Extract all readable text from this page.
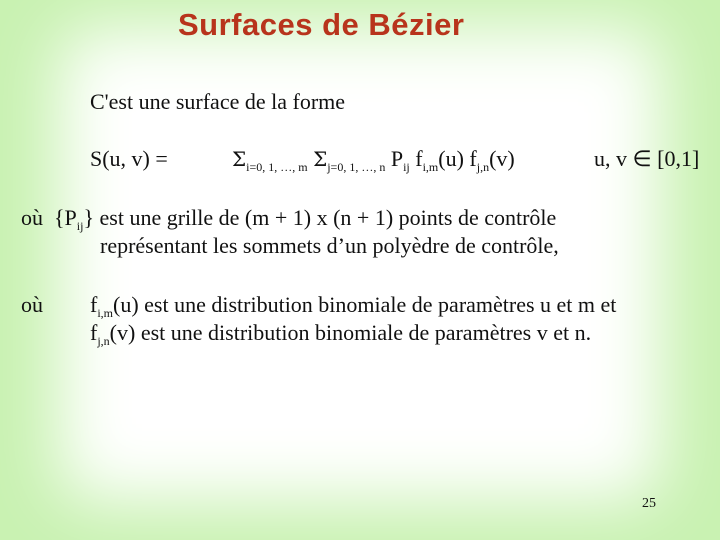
Surfaces de Bézier
C'est une surface de la forme
S(u, v) =	$\Sigma_{i=0, 1, \dots, m}$ $\Sigma_{j=0, 1, \dots, n}$ $P_{ij}$ $f_{i,m}(u)$ $f_{j,n}(v)$	u, v ∈ [0,1]
où $\{P_{ij}\}$ est une grille de (m + 1) x (n + 1) points de contrôle
représentant les sommets d’un polyèdre de contrôle,
où $f_{i,m}(u)$ est une distribution binomiale de paramètres u et m et
$f_{j,n}(v)$ est une distribution binomiale de paramètres v et n.
25
